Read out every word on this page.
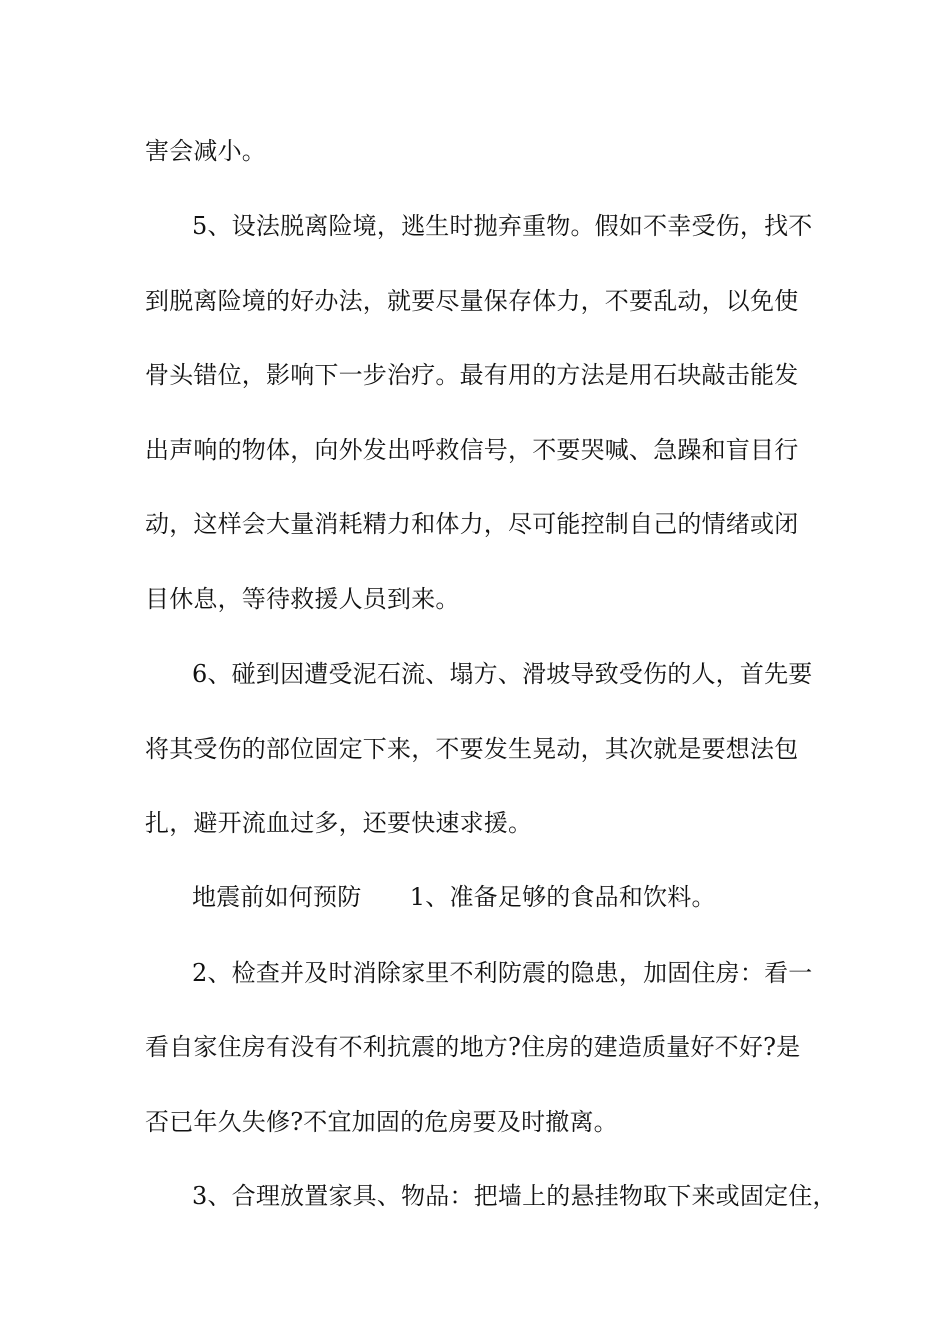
害会减小。
5、设法脱离险境，逃生时抛弃重物。假如不幸受伤，找不
到脱离险境的好办法，就要尽量保存体力，不要乱动，以免使
骨头错位，影响下一步治疗。最有用的方法是用石块敲击能发
出声响的物体，向外发出呼救信号，不要哭喊、急躁和盲目行
动，这样会大量消耗精力和体力，尽可能控制自己的情绪或闭
目休息，等待救援人员到来。
6、碰到因遭受泥石流、塌方、滑坡导致受伤的人，首先要
将其受伤的部位固定下来，不要发生晃动，其次就是要想法包
扎，避开流血过多，还要快速求援。
地震前如何预防　　1、准备足够的食品和饮料。
2、检查并及时消除家里不利防震的隐患，加固住房：看一
看自家住房有没有不利抗震的地方?住房的建造质量好不好?是
否已年久失修?不宜加固的危房要及时撤离。
3、合理放置家具、物品：把墙上的悬挂物取下来或固定住，
